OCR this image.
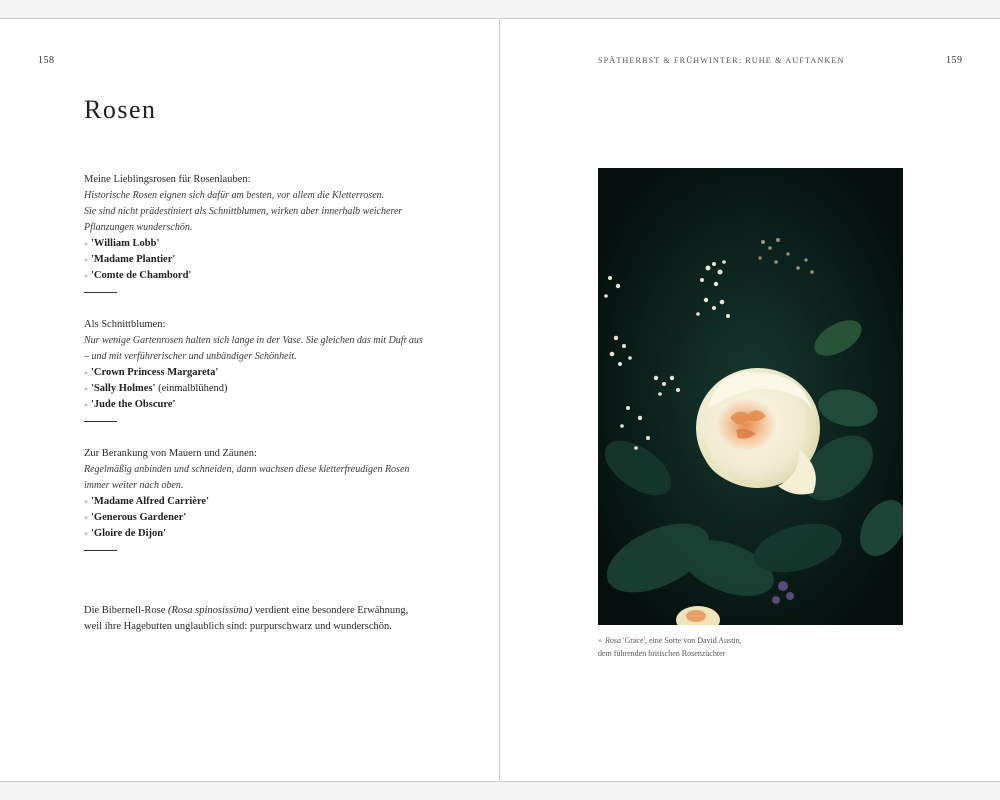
158	SPÄTHERBST & FRÜHWINTER: RUHE & AUFTANKEN	159
Rosen

Meine Lieblingsrosen für Rosenlauben:

Historische Rosen eignen sich dafür am besten, vor allem die Kletterrosen.

Sie sind nicht prädestiniert als Schnittblumen, wirken aber innerhalb weicherer Pflanzungen wunderschön.

» 'William Lobb'
» 'Madame Plantier'
» 'Comte de Chambord'

Als Schnittblumen:

Nur wenige Gartenrosen halten sich lange in der Vase. Sie gleichen das mit Duft aus – und mit verführerischer und unbändiger Schönheit.

» 'Crown Princess Margareta'
» 'Sally Holmes' (einmalblühend)
» 'Jude the Obscure'

Zur Berankung von Mauern und Zäunen:

Regelmäßig anbinden und schneiden, dann wachsen diese kletterfreudigen Rosen immer weiter nach oben.

» 'Madame Alfred Carrière'
» 'Generous Gardener'
» 'Gloire de Dijon'

Die Bibernell-Rose (Rosa spinosissima) verdient eine besondere Erwähnung, weil ihre Hagebutten unglaublich sind: purpurschwarz und wunderschön.

» Rosa 'Grace', eine Sorte von David Austin,
dem führenden britischen Rosenzüchter
